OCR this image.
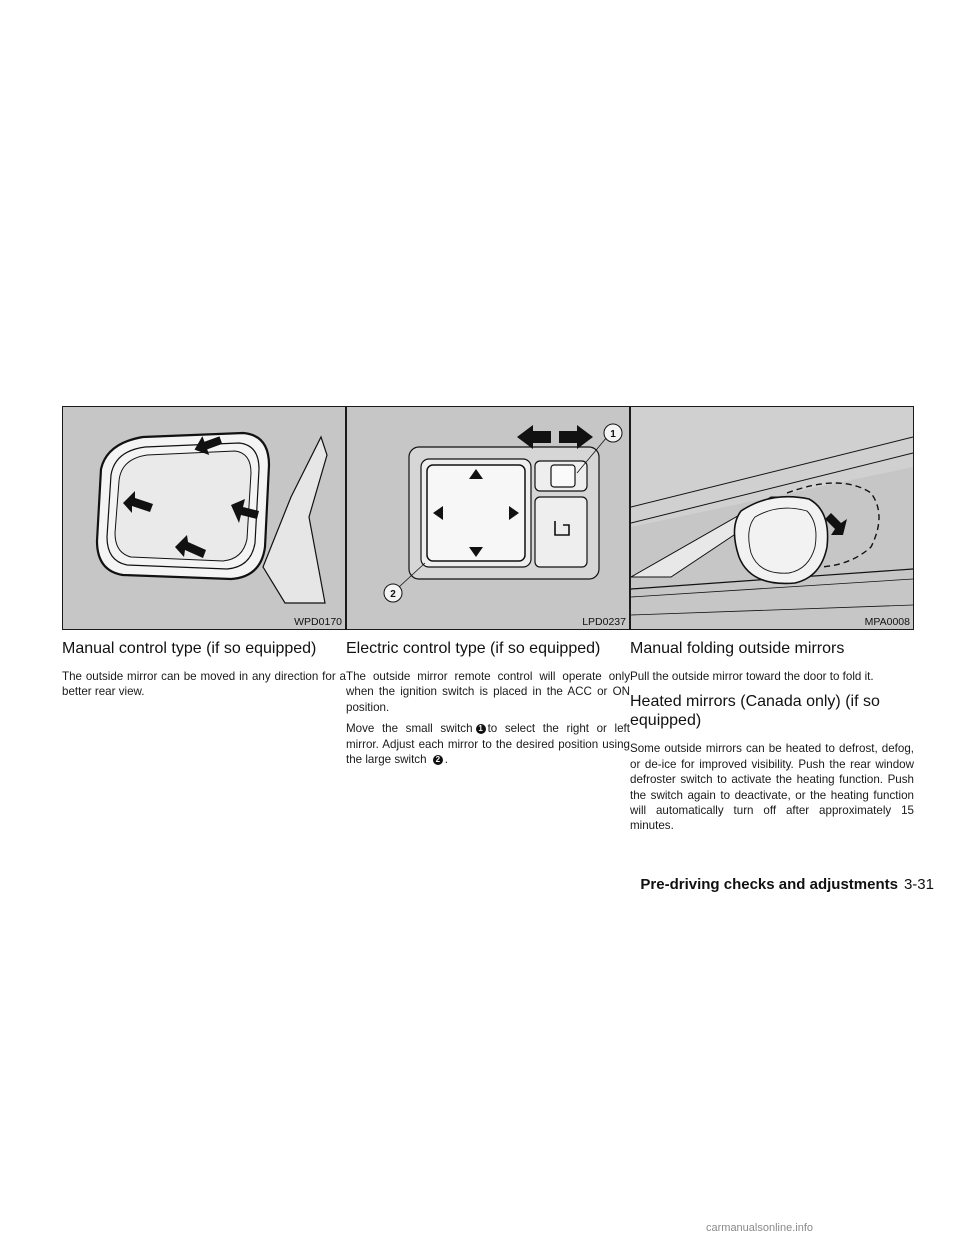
WPD0170
Manual control type (if so equipped)

The outside mirror can be moved in any direction for a better rear view.

1
2
LPD0237
Electric control type (if so equipped)

The outside mirror remote control will operate only when the ignition switch is placed in the ACC or ON position.

Move the small switch 1 to select the right or left mirror. Adjust each mirror to the desired position using the large switch 2 .

MPA0008
Manual folding outside mirrors

Pull the outside mirror toward the door to fold it.

Heated mirrors (Canada only) (if so equipped)

Some outside mirrors can be heated to defrost, defog, or de-ice for improved visibility. Push the rear window defroster switch to activate the heating function. Push the switch again to deactivate, or the heating function will automatically turn off after approximately 15 minutes.

Pre-driving checks and adjustments 3-31
carmanualsonline.info
